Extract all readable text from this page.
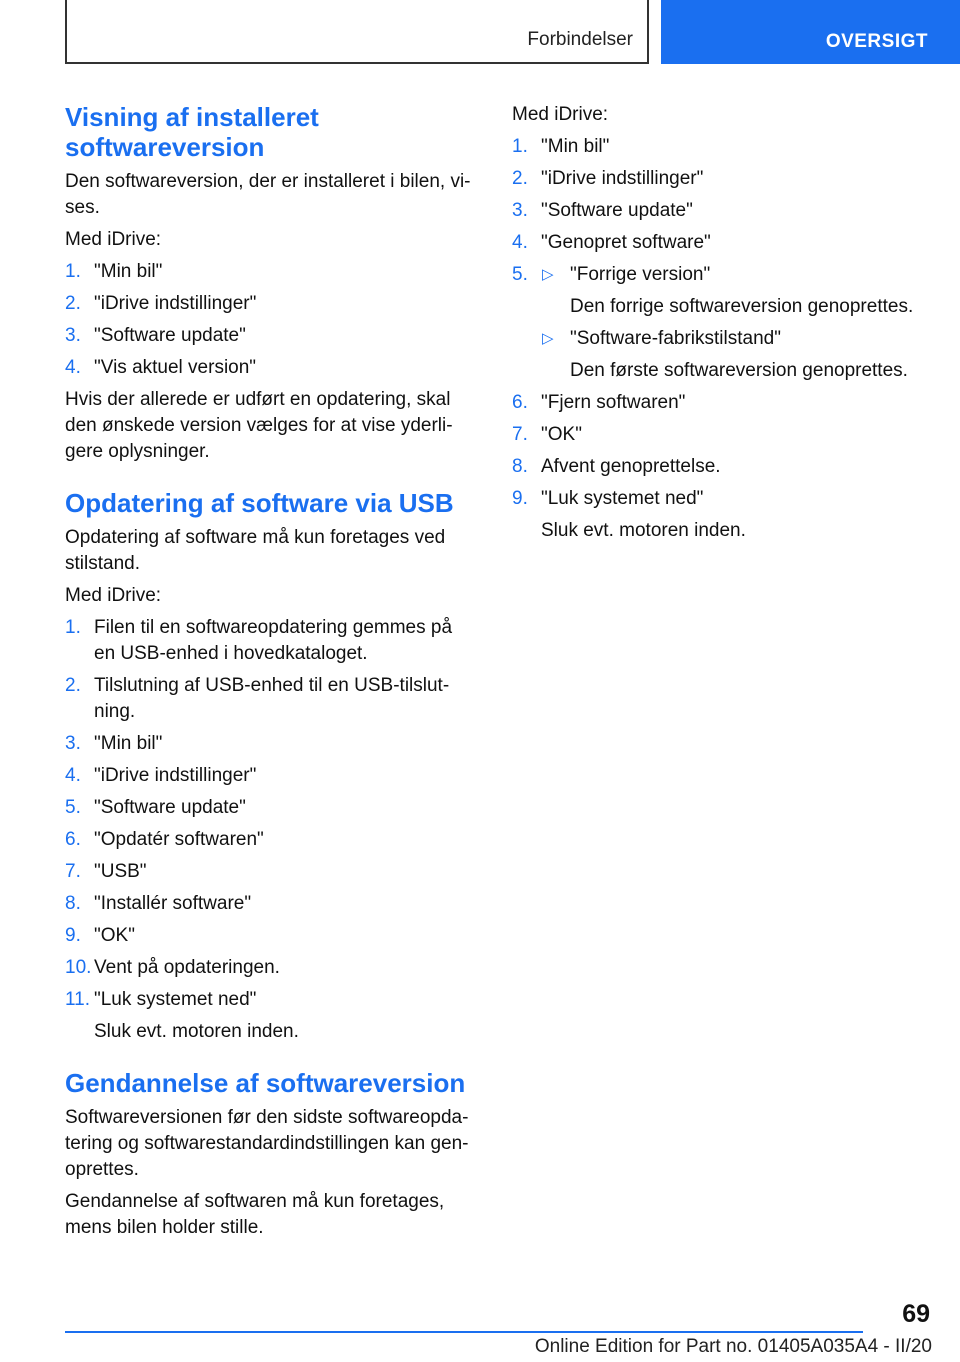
Forbindelser	OVERSIGT
Visning af installeret softwareversion

Den softwareversion, der er installeret i bilen, vi-ses.

Med iDrive:

1. "Min bil"
2. "iDrive indstillinger"
3. "Software update"
4. "Vis aktuel version"

Hvis der allerede er udført en opdatering, skal den ønskede version vælges for at vise yderli-gere oplysninger.

Opdatering af software via USB

Opdatering af software må kun foretages ved stilstand.

Med iDrive:

1. Filen til en softwareopdatering gemmes på en USB-enhed i hovedkataloget.
2. Tilslutning af USB-enhed til en USB-tilslut-ning.
3. "Min bil"
4. "iDrive indstillinger"
5. "Software update"
6. "Opdatér softwaren"
7. "USB"
8. "Installér software"
9. "OK"
10. Vent på opdateringen.
11. "Luk systemet ned"
Sluk evt. motoren inden.
Gendannelse af softwareversion

Softwareversionen før den sidste softwareopda-tering og softwarestandardindstillingen kan gen-oprettes.

Gendannelse af softwaren må kun foretages, mens bilen holder stille.

Med iDrive:

1. "Min bil"
2. "iDrive indstillinger"
3. "Software update"
4. "Genopret software"
5. ▷ "Forrige version"
Den forrige softwareversion genoprettes.
▷ "Software-fabrikstilstand"
Den første softwareversion genoprettes.
6. "Fjern softwaren"
7. "OK"
8. Afvent genoprettelse.
9. "Luk systemet ned"
Sluk evt. motoren inden.
69
Online Edition for Part no. 01405A035A4 - II/20
